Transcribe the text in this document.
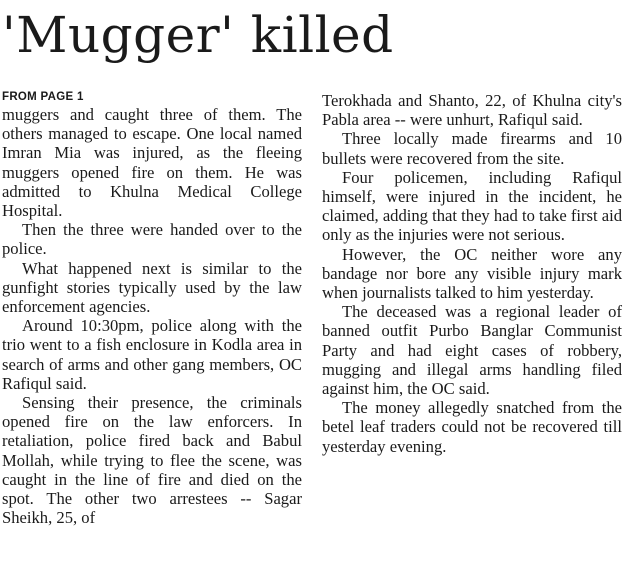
'Mugger' killed
FROM PAGE 1

muggers and caught three of them. The others managed to escape. One local named Imran Mia was injured, as the fleeing muggers opened fire on them. He was admitted to Khulna Medical College Hospital.

Then the three were handed over to the police.

What happened next is similar to the gunfight stories typically used by the law enforcement agencies.

Around 10:30pm, police along with the trio went to a fish enclosure in Kodla area in search of arms and other gang members, OC Rafiqul said.

Sensing their presence, the criminals opened fire on the law enforcers. In retaliation, police fired back and Babul Mollah, while trying to flee the scene, was caught in the line of fire and died on the spot. The other two arrestees -- Sagar Sheikh, 25, of

Terokhada and Shanto, 22, of Khulna city's Pabla area -- were unhurt, Rafiqul said.

Three locally made firearms and 10 bullets were recovered from the site.

Four policemen, including Rafiqul himself, were injured in the incident, he claimed, adding that they had to take first aid only as the injuries were not serious.

However, the OC neither wore any bandage nor bore any visible injury mark when journalists talked to him yesterday.

The deceased was a regional leader of banned outfit Purbo Banglar Communist Party and had eight cases of robbery, mugging and illegal arms handling filed against him, the OC said.

The money allegedly snatched from the betel leaf traders could not be recovered till yesterday evening.
